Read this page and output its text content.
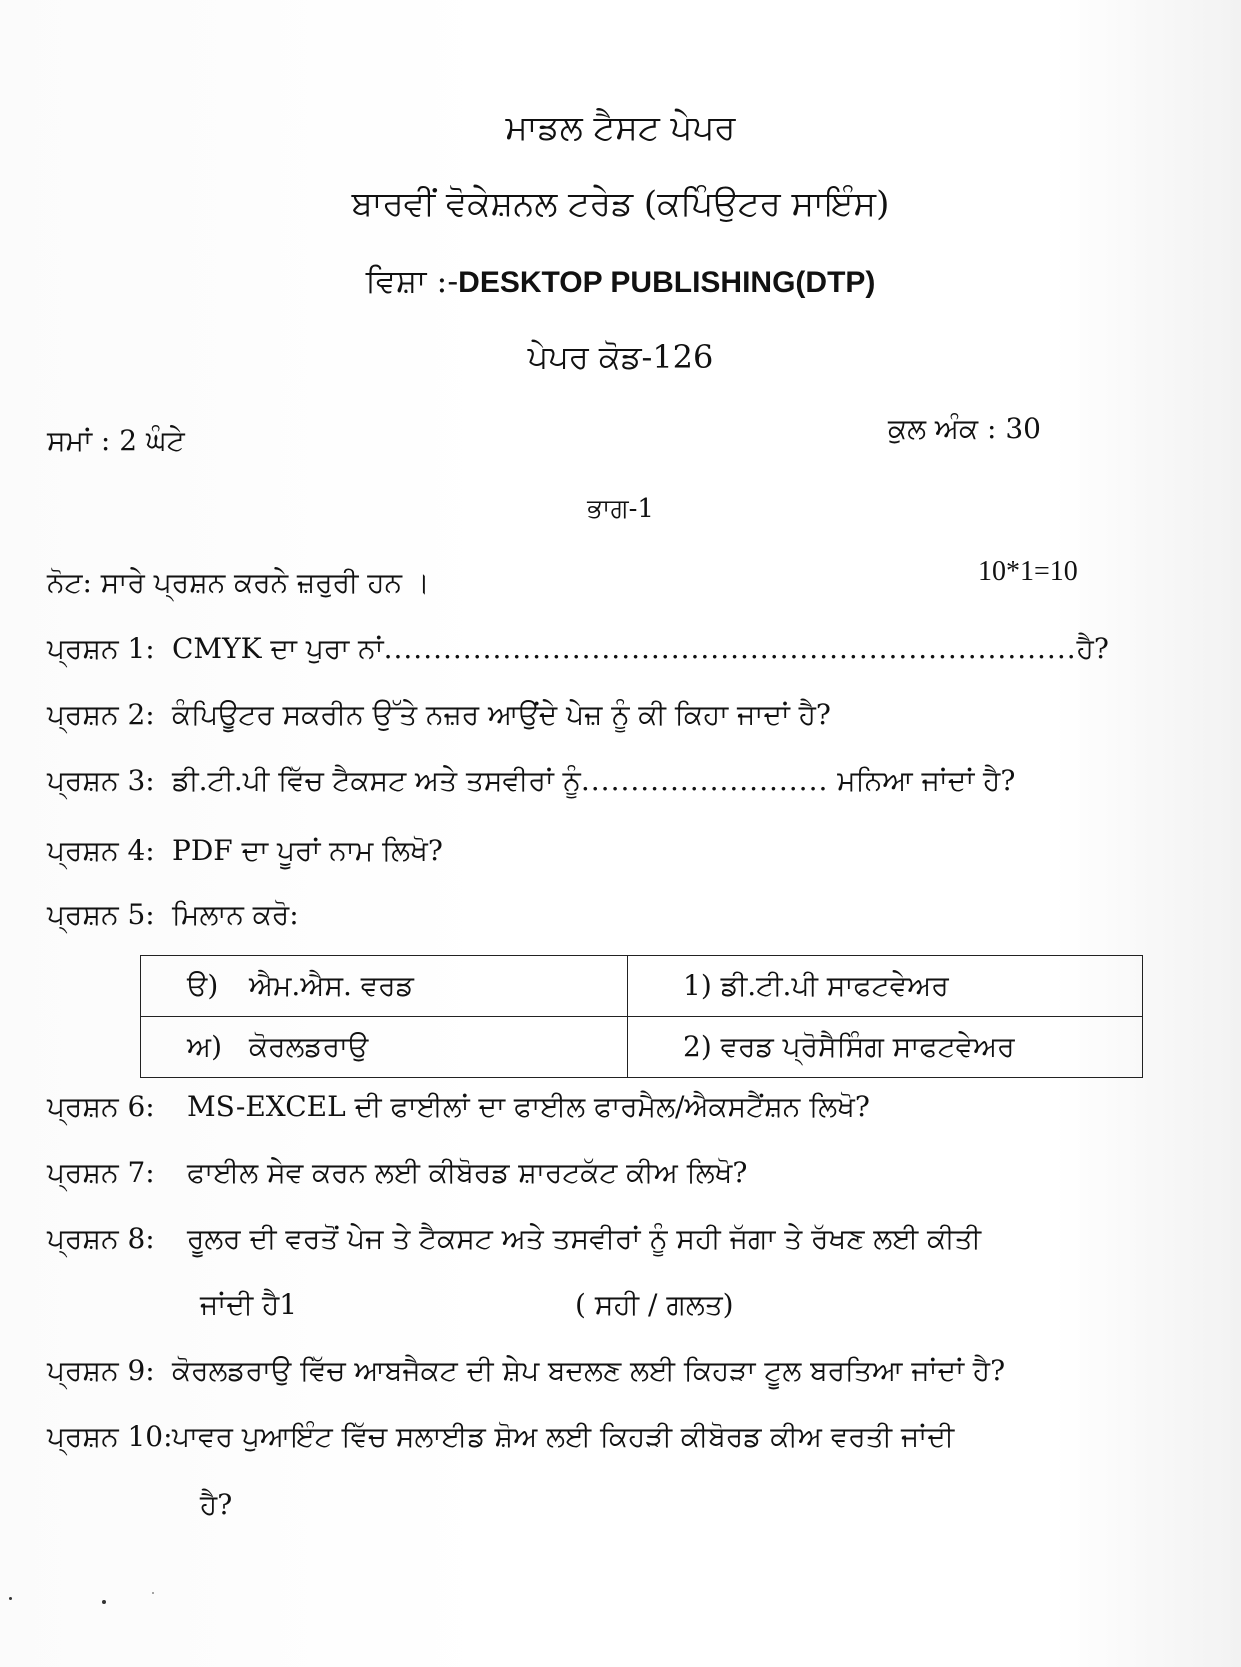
ਮਾਡਲ ਟੈਸਟ ਪੇਪਰ
ਬਾਰਵੀਂ ਵੋਕੇਸ਼ਨਲ ਟਰੇਡ (ਕਪਿੰਉਟਰ ਸਾਇੰਸ)
ਵਿਸ਼ਾ :-DESKTOP PUBLISHING(DTP)
ਪੇਪਰ ਕੋਡ-126
ਸਮਾਂ : 2 ਘੰਟੇ	ਕੁਲ ਅੰਕ : 30
ਭਾਗ-1
ਨੋਟ: ਸਾਰੇ ਪ੍ਰਸ਼ਨ ਕਰਨੇ ਜ਼ਰੁਰੀ ਹਨ ।	10*1=10
ਪ੍ਰਸ਼ਨ 1: CMYK ਦਾ ਪੁਰਾ ਨਾਂ......................................................................ਹੈ?
ਪ੍ਰਸ਼ਨ 2: ਕੰਪਿਊਟਰ ਸਕਰੀਨ ਉੱਤੇ ਨਜ਼ਰ ਆਉਂਦੇ ਪੇਜ਼ ਨੂੰ ਕੀ ਕਿਹਾ ਜਾਦਾਂ ਹੈ?
ਪ੍ਰਸ਼ਨ 3: ਡੀ.ਟੀ.ਪੀ ਵਿੱਚ ਟੈਕਸਟ ਅਤੇ ਤਸਵੀਰਾਂ ਨੂੰ......................... ਮਨਿਆ ਜਾਂਦਾਂ ਹੈ?
ਪ੍ਰਸ਼ਨ 4: PDF ਦਾ ਪੂਰਾਂ ਨਾਮ ਲਿਖੋ?
ਪ੍ਰਸ਼ਨ 5: ਮਿਲਾਨ ਕਰੋ:
ੳ) ਐਮ.ਐਸ. ਵਰਡ	1) ਡੀ.ਟੀ.ਪੀ ਸਾਫਟਵੇਅਰ
ਅ) ਕੋਰਲਡਰਾਉ	2) ਵਰਡ ਪ੍ਰੋਸੈਸਿੰਗ ਸਾਫਟਵੇਅਰ
ਪ੍ਰਸ਼ਨ 6: MS-EXCEL ਦੀ ਫਾਈਲਾਂ ਦਾ ਫਾਈਲ ਫਾਰਮੈਲ/ਐਕਸਟੈਂਸ਼ਨ ਲਿਖੋ?
ਪ੍ਰਸ਼ਨ 7: ਫਾਈਲ ਸੇਵ ਕਰਨ ਲਈ ਕੀਬੋਰਡ ਸ਼ਾਰਟਕੱਟ ਕੀਅ ਲਿਖੋ?
ਪ੍ਰਸ਼ਨ 8: ਰੂਲਰ ਦੀ ਵਰਤੋਂ ਪੇਜ ਤੇ ਟੈਕਸਟ ਅਤੇ ਤਸਵੀਰਾਂ ਨੂੰ ਸਹੀ ਜੱਗਾ ਤੇ ਰੱਖਣ ਲਈ ਕੀਤੀ
ਜਾਂਦੀ ਹੈ1	( ਸਹੀ / ਗਲਤ)
ਪ੍ਰਸ਼ਨ 9: ਕੋਰਲਡਰਾਉ ਵਿੱਚ ਆਬਜੈਕਟ ਦੀ ਸ਼ੇਪ ਬਦਲਣ ਲਈ ਕਿਹੜਾ ਟੂਲ ਬਰਤਿਆ ਜਾਂਦਾਂ ਹੈ?
ਪ੍ਰਸ਼ਨ 10:ਪਾਵਰ ਪੁਆਇੰਟ ਵਿੱਚ ਸਲਾਈਡ ਸ਼ੋਅ ਲਈ ਕਿਹੜੀ ਕੀਬੋਰਡ ਕੀਅ ਵਰਤੀ ਜਾਂਦੀ
ਹੈ?
